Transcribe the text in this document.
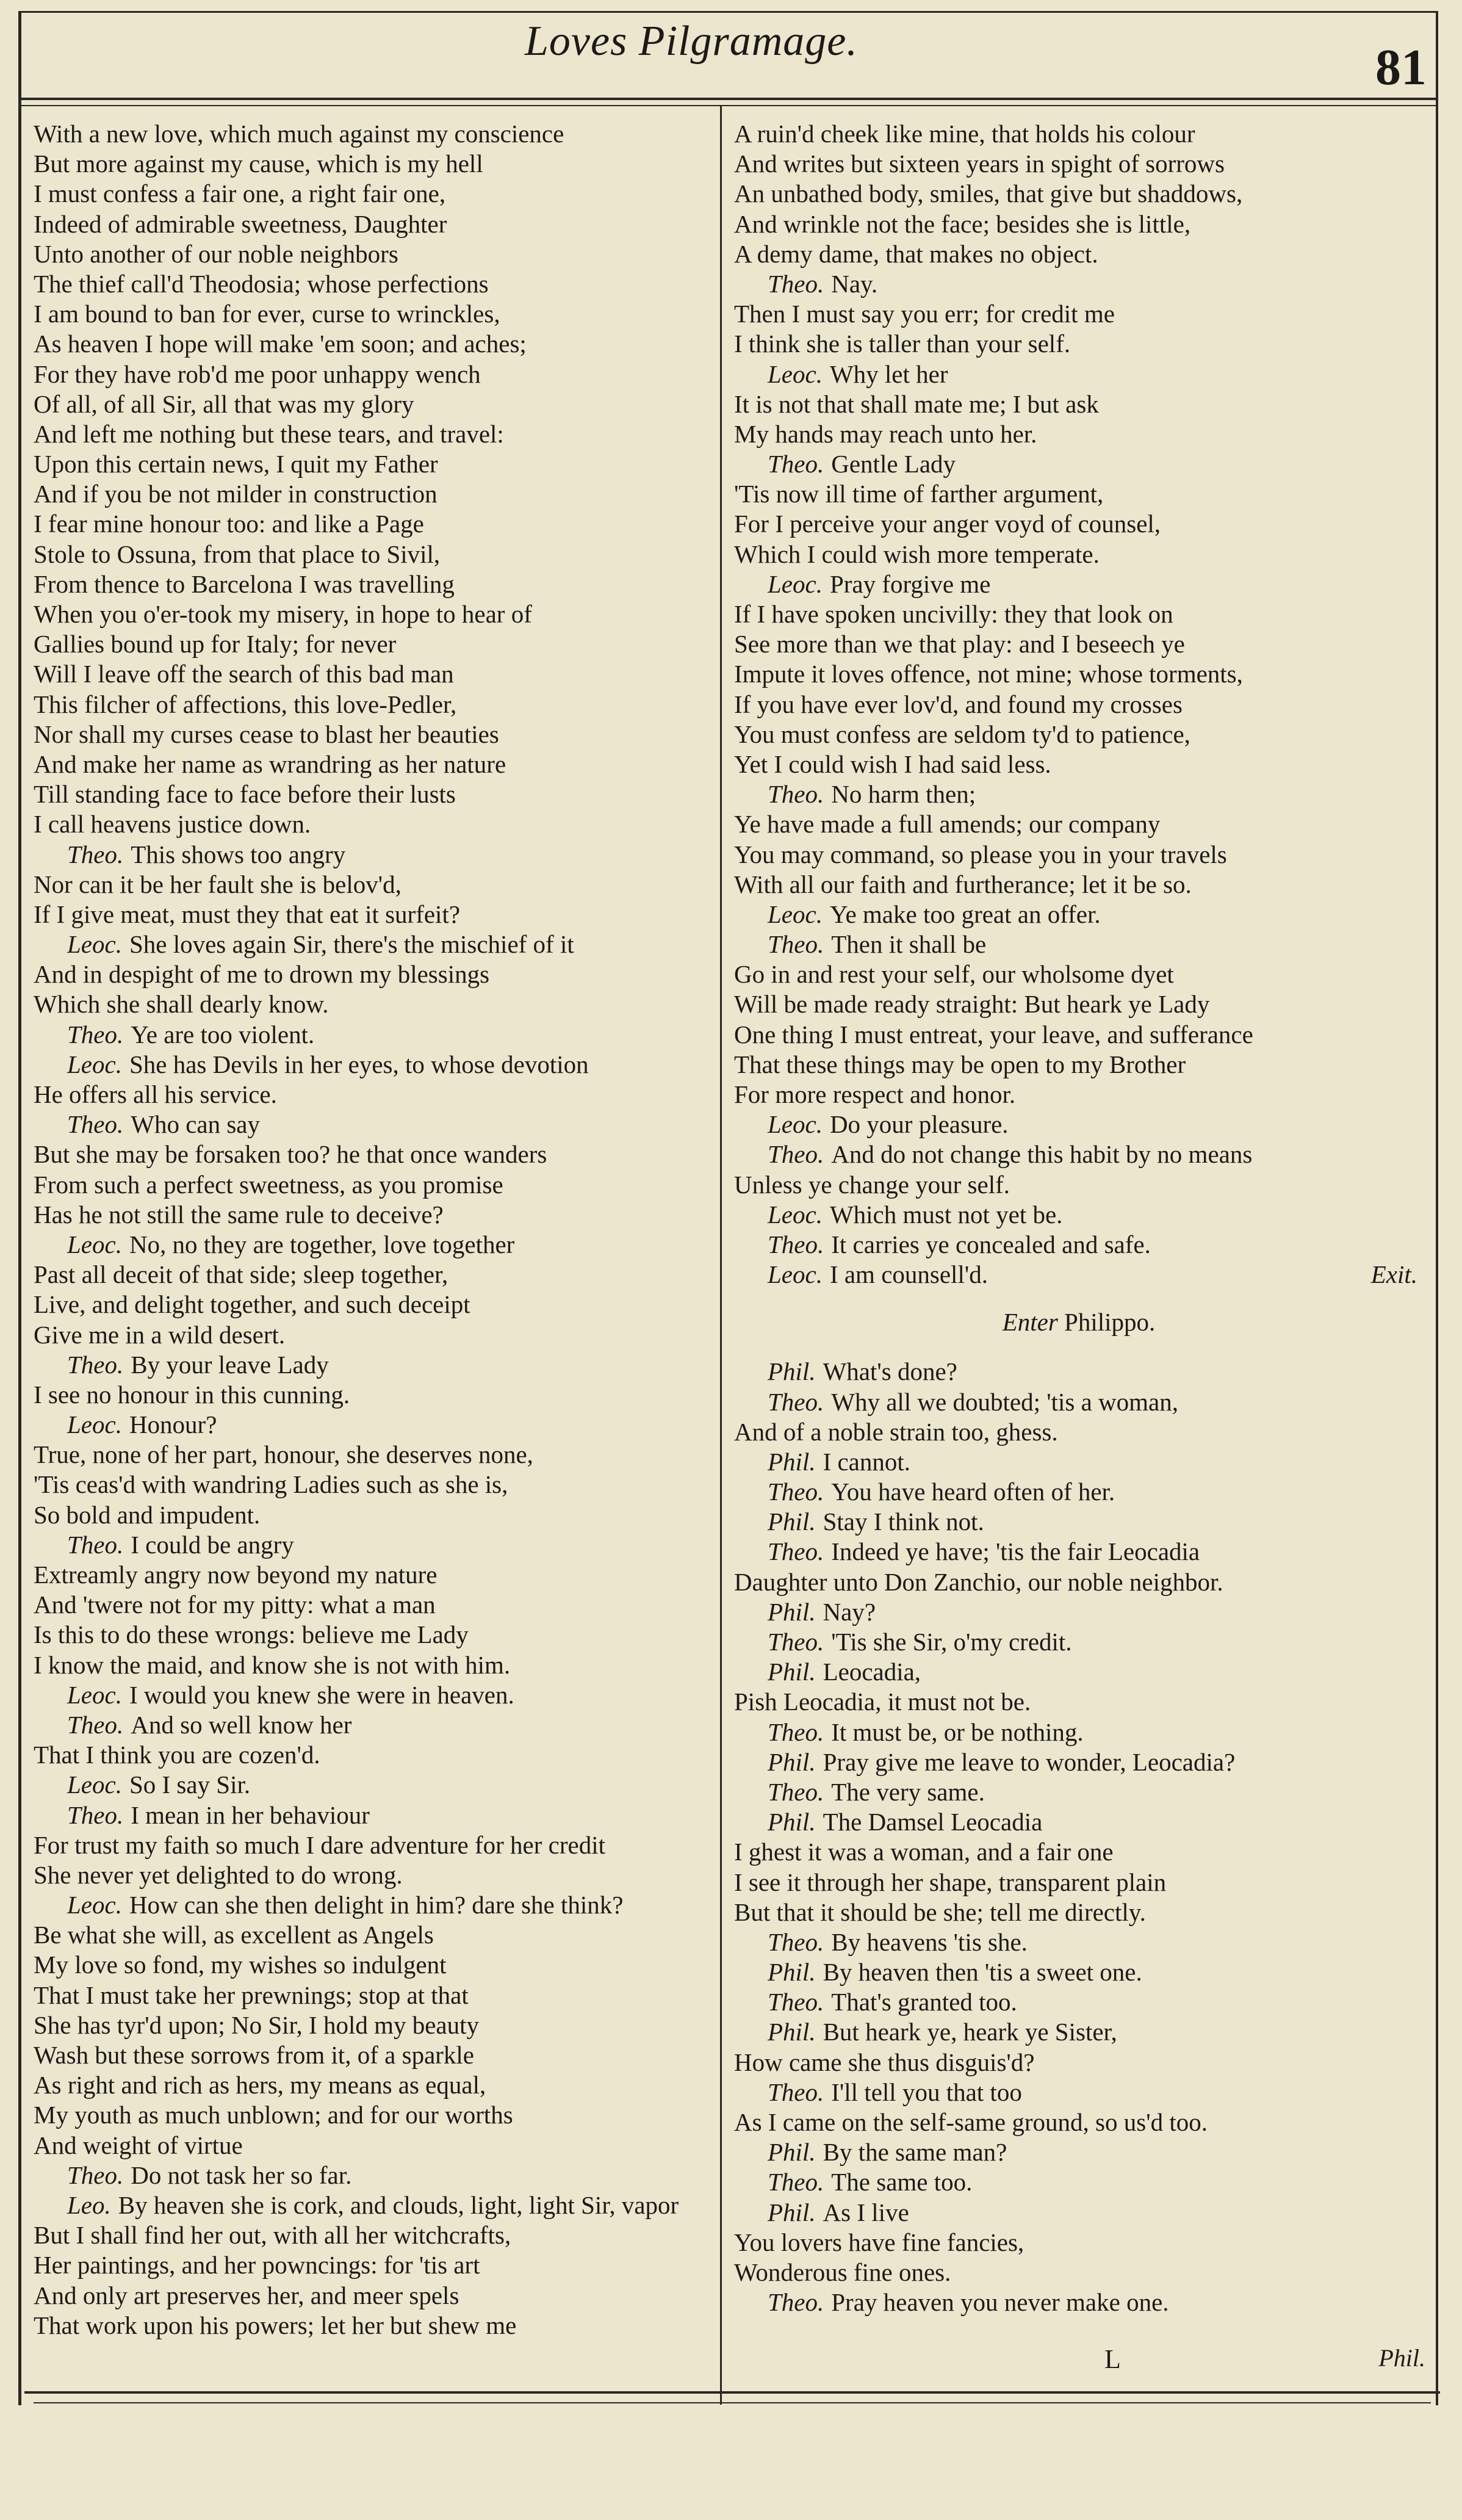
Loves Pilgramage.	81
With a new love, which much against my conscience
But more against my cause, which is my hell
I must confess a fair one, a right fair one,
Indeed of admirable sweetness, Daughter
Unto another of our noble neighbors
The thief call'd Theodosia; whose perfections
I am bound to ban for ever, curse to wrinckles,
As heaven I hope will make 'em soon; and aches;
For they have rob'd me poor unhappy wench
Of all, of all Sir, all that was my glory
And left me nothing but these tears, and travel:
Upon this certain news, I quit my Father
And if you be not milder in construction
I fear mine honour too: and like a Page
Stole to Ossuna, from that place to Sivil,
From thence to Barcelona I was travelling
When you o'er-took my misery, in hope to hear of
Gallies bound up for Italy; for never
Will I leave off the search of this bad man
This filcher of affections, this love-Pedler,
Nor shall my curses cease to blast her beauties
And make her name as wrandring as her nature
Till standing face to face before their lusts
I call heavens justice down.
Theo. This shows too angry
Nor can it be her fault she is belov'd,
If I give meat, must they that eat it surfeit?
Leoc. She loves again Sir, there's the mischief of it
And in despight of me to drown my blessings
Which she shall dearly know.
Theo. Ye are too violent.
Leoc. She has Devils in her eyes, to whose devotion
He offers all his service.
Theo. Who can say
But she may be forsaken too? he that once wanders
From such a perfect sweetness, as you promise
Has he not still the same rule to deceive?
Leoc. No, no they are together, love together
Past all deceit of that side; sleep together,
Live, and delight together, and such deceipt
Give me in a wild desert.
Theo. By your leave Lady
I see no honour in this cunning.
Leoc. Honour?
True, none of her part, honour, she deserves none,
'Tis ceas'd with wandring Ladies such as she is,
So bold and impudent.
Theo. I could be angry
Extreamly angry now beyond my nature
And 'twere not for my pitty: what a man
Is this to do these wrongs: believe me Lady
I know the maid, and know she is not with him.
Leoc. I would you knew she were in heaven.
Theo. And so well know her
That I think you are cozen'd.
Leoc. So I say Sir.
Theo. I mean in her behaviour
For trust my faith so much I dare adventure for her credit
She never yet delighted to do wrong.
Leoc. How can she then delight in him? dare she think?
Be what she will, as excellent as Angels
My love so fond, my wishes so indulgent
That I must take her prewnings; stop at that
She has tyr'd upon; No Sir, I hold my beauty
Wash but these sorrows from it, of a sparkle
As right and rich as hers, my means as equal,
My youth as much unblown; and for our worths
And weight of virtue
Theo. Do not task her so far.
Leo. By heaven she is cork, and clouds, light, light Sir, vapor
But I shall find her out, with all her witchcrafts,
Her paintings, and her powncings: for 'tis art
And only art preserves her, and meer spels
That work upon his powers; let her but shew me
A ruin'd cheek like mine, that holds his colour
And writes but sixteen years in spight of sorrows
An unbathed body, smiles, that give but shaddows,
And wrinkle not the face; besides she is little,
A demy dame, that makes no object.
Theo. Nay.
Then I must say you err; for credit me
I think she is taller than your self.
Leoc. Why let her
It is not that shall mate me; I but ask
My hands may reach unto her.
Theo. Gentle Lady
'Tis now ill time of farther argument,
For I perceive your anger voyd of counsel,
Which I could wish more temperate.
Leoc. Pray forgive me
If I have spoken uncivilly: they that look on
See more than we that play: and I beseech ye
Impute it loves offence, not mine; whose torments,
If you have ever lov'd, and found my crosses
You must confess are seldom ty'd to patience,
Yet I could wish I had said less.
Theo. No harm then;
Ye have made a full amends; our company
You may command, so please you in your travels
With all our faith and furtherance; let it be so.
Leoc. Ye make too great an offer.
Theo. Then it shall be
Go in and rest your self, our wholsome dyet
Will be made ready straight: But heark ye Lady
One thing I must entreat, your leave, and sufferance
That these things may be open to my Brother
For more respect and honor.
Leoc. Do your pleasure.
Theo. And do not change this habit by no means
Unless ye change your self.
Leoc. Which must not yet be.
Theo. It carries ye concealed and safe.
Leoc. I am counsell'd.	Exit.
Enter Philippo.
Phil. What's done?
Theo. Why all we doubted; 'tis a woman,
And of a noble strain too, ghess.
Phil. I cannot.
Theo. You have heard often of her.
Phil. Stay I think not.
Theo. Indeed ye have; 'tis the fair Leocadia
Daughter unto Don Zanchio, our noble neighbor.
Phil. Nay?
Theo. 'Tis she Sir, o'my credit.
Phil. Leocadia,
Pish Leocadia, it must not be.
Theo. It must be, or be nothing.
Phil. Pray give me leave to wonder, Leocadia?
Theo. The very same.
Phil. The Damsel Leocadia
I ghest it was a woman, and a fair one
I see it through her shape, transparent plain
But that it should be she; tell me directly.
Theo. By heavens 'tis she.
Phil. By heaven then 'tis a sweet one.
Theo. That's granted too.
Phil. But heark ye, heark ye Sister,
How came she thus disguis'd?
Theo. I'll tell you that too
As I came on the self-same ground, so us'd too.
Phil. By the same man?
Theo. The same too.
Phil. As I live
You lovers have fine fancies,
Wonderous fine ones.
Theo. Pray heaven you never make one.
L	Phil.
